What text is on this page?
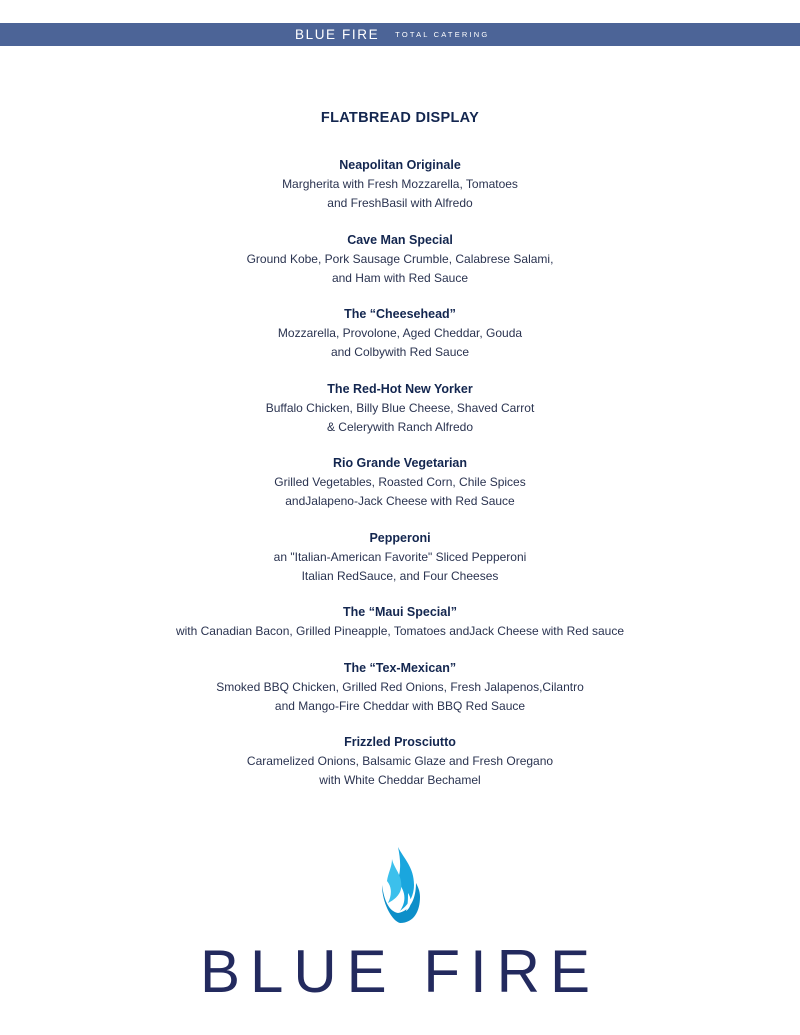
BLUE FIRE TOTAL CATERING
FLATBREAD DISPLAY
Neapolitan Originale
Margherita with Fresh Mozzarella, Tomatoes
and FreshBasil with Alfredo
Cave Man Special
Ground Kobe, Pork Sausage Crumble, Calabrese Salami,
and Ham with Red Sauce
The “Cheesehead”
Mozzarella, Provolone, Aged Cheddar, Gouda
and Colbywith Red Sauce
The Red-Hot New Yorker
Buffalo Chicken, Billy Blue Cheese, Shaved Carrot
& Celerywith Ranch Alfredo
Rio Grande Vegetarian
Grilled Vegetables, Roasted Corn, Chile Spices
andJalapeno-Jack Cheese with Red Sauce
Pepperoni
an "Italian-American Favorite" Sliced Pepperoni
Italian RedSauce, and Four Cheeses
The “Maui Special”
with Canadian Bacon, Grilled Pineapple, Tomatoes andJack Cheese with Red sauce
The “Tex-Mexican”
Smoked BBQ Chicken, Grilled Red Onions, Fresh Jalapenos,Cilantro
and Mango-Fire Cheddar with BBQ Red Sauce
Frizzled Prosciutto
Caramelized Onions, Balsamic Glaze and Fresh Oregano
with White Cheddar Bechamel
BLUE FIRE
